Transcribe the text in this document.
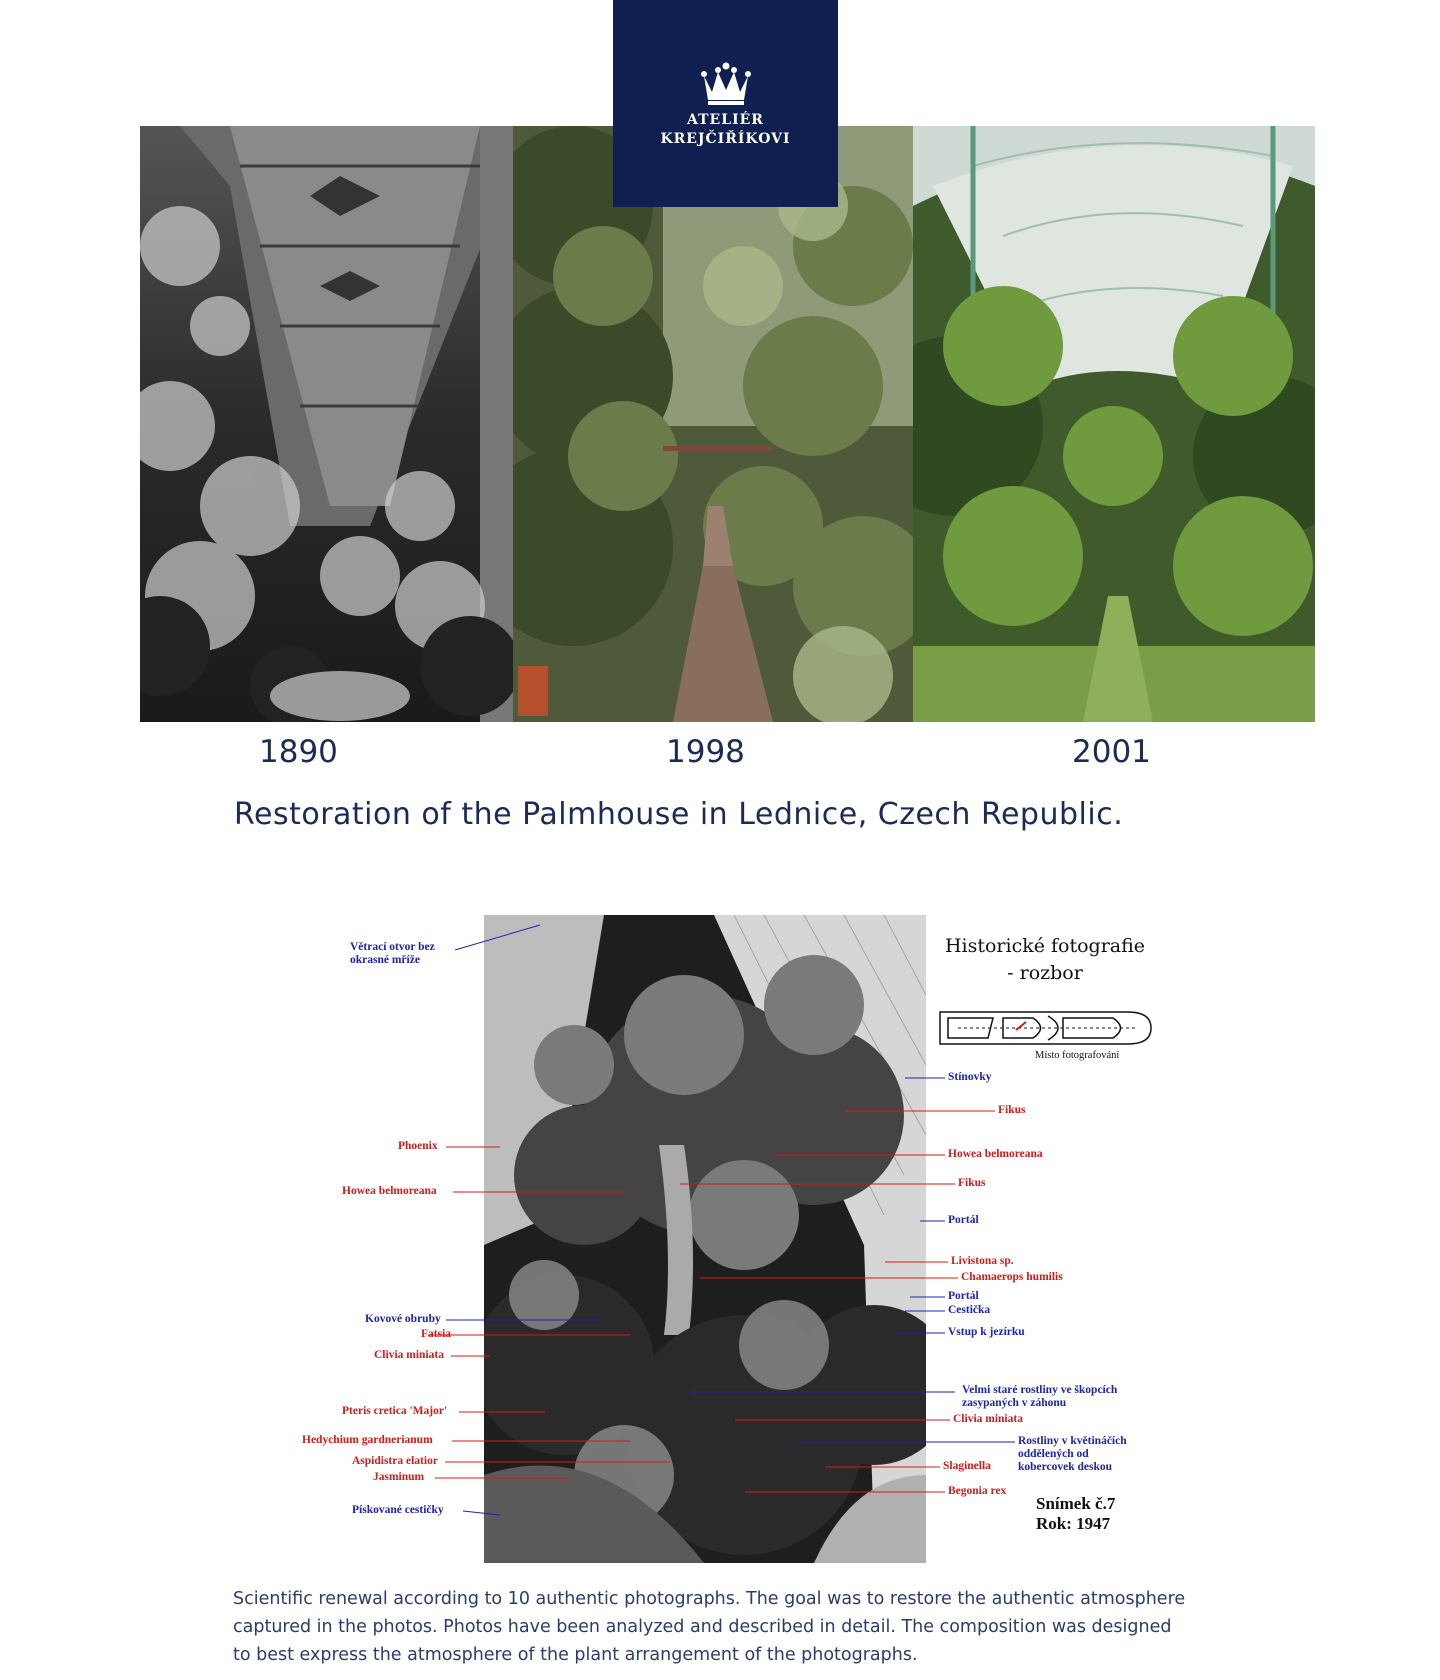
ATELIÉR
KREJČIŘÍKOVI
1890	1998	2001
Restoration of the Palmhouse in Lednice, Czech Republic.
Větrací otvor bez
okrasné mříže
Phoenix
Howea belmoreana
Kovové obruby
Fatsia
Clivia miniata
Pteris cretica 'Major'
Hedychium gardnerianum
Aspidistra elatior
Jasminum
Pískované cestičky
Stínovky
Fikus
Howea belmoreana
Fikus
Portál
Livistona sp.
Chamaerops humilis
Portál
Cestička
Vstup k jezírku
Velmi staré rostliny ve škopcích
zasypaných v záhonu
Clivia miniata
Rostliny v květináčích
oddělených od
kobercovek deskou
Slaginella
Begonia rex
Historické fotografie
- rozbor
Místo fotografování
Snímek č.7
Rok: 1947
Scientific renewal according to 10 authentic photographs. The goal was to restore the authentic atmosphere
captured in the photos. Photos have been analyzed and described in detail. The composition was designed
to best express the atmosphere of the plant arrangement of the photographs.
